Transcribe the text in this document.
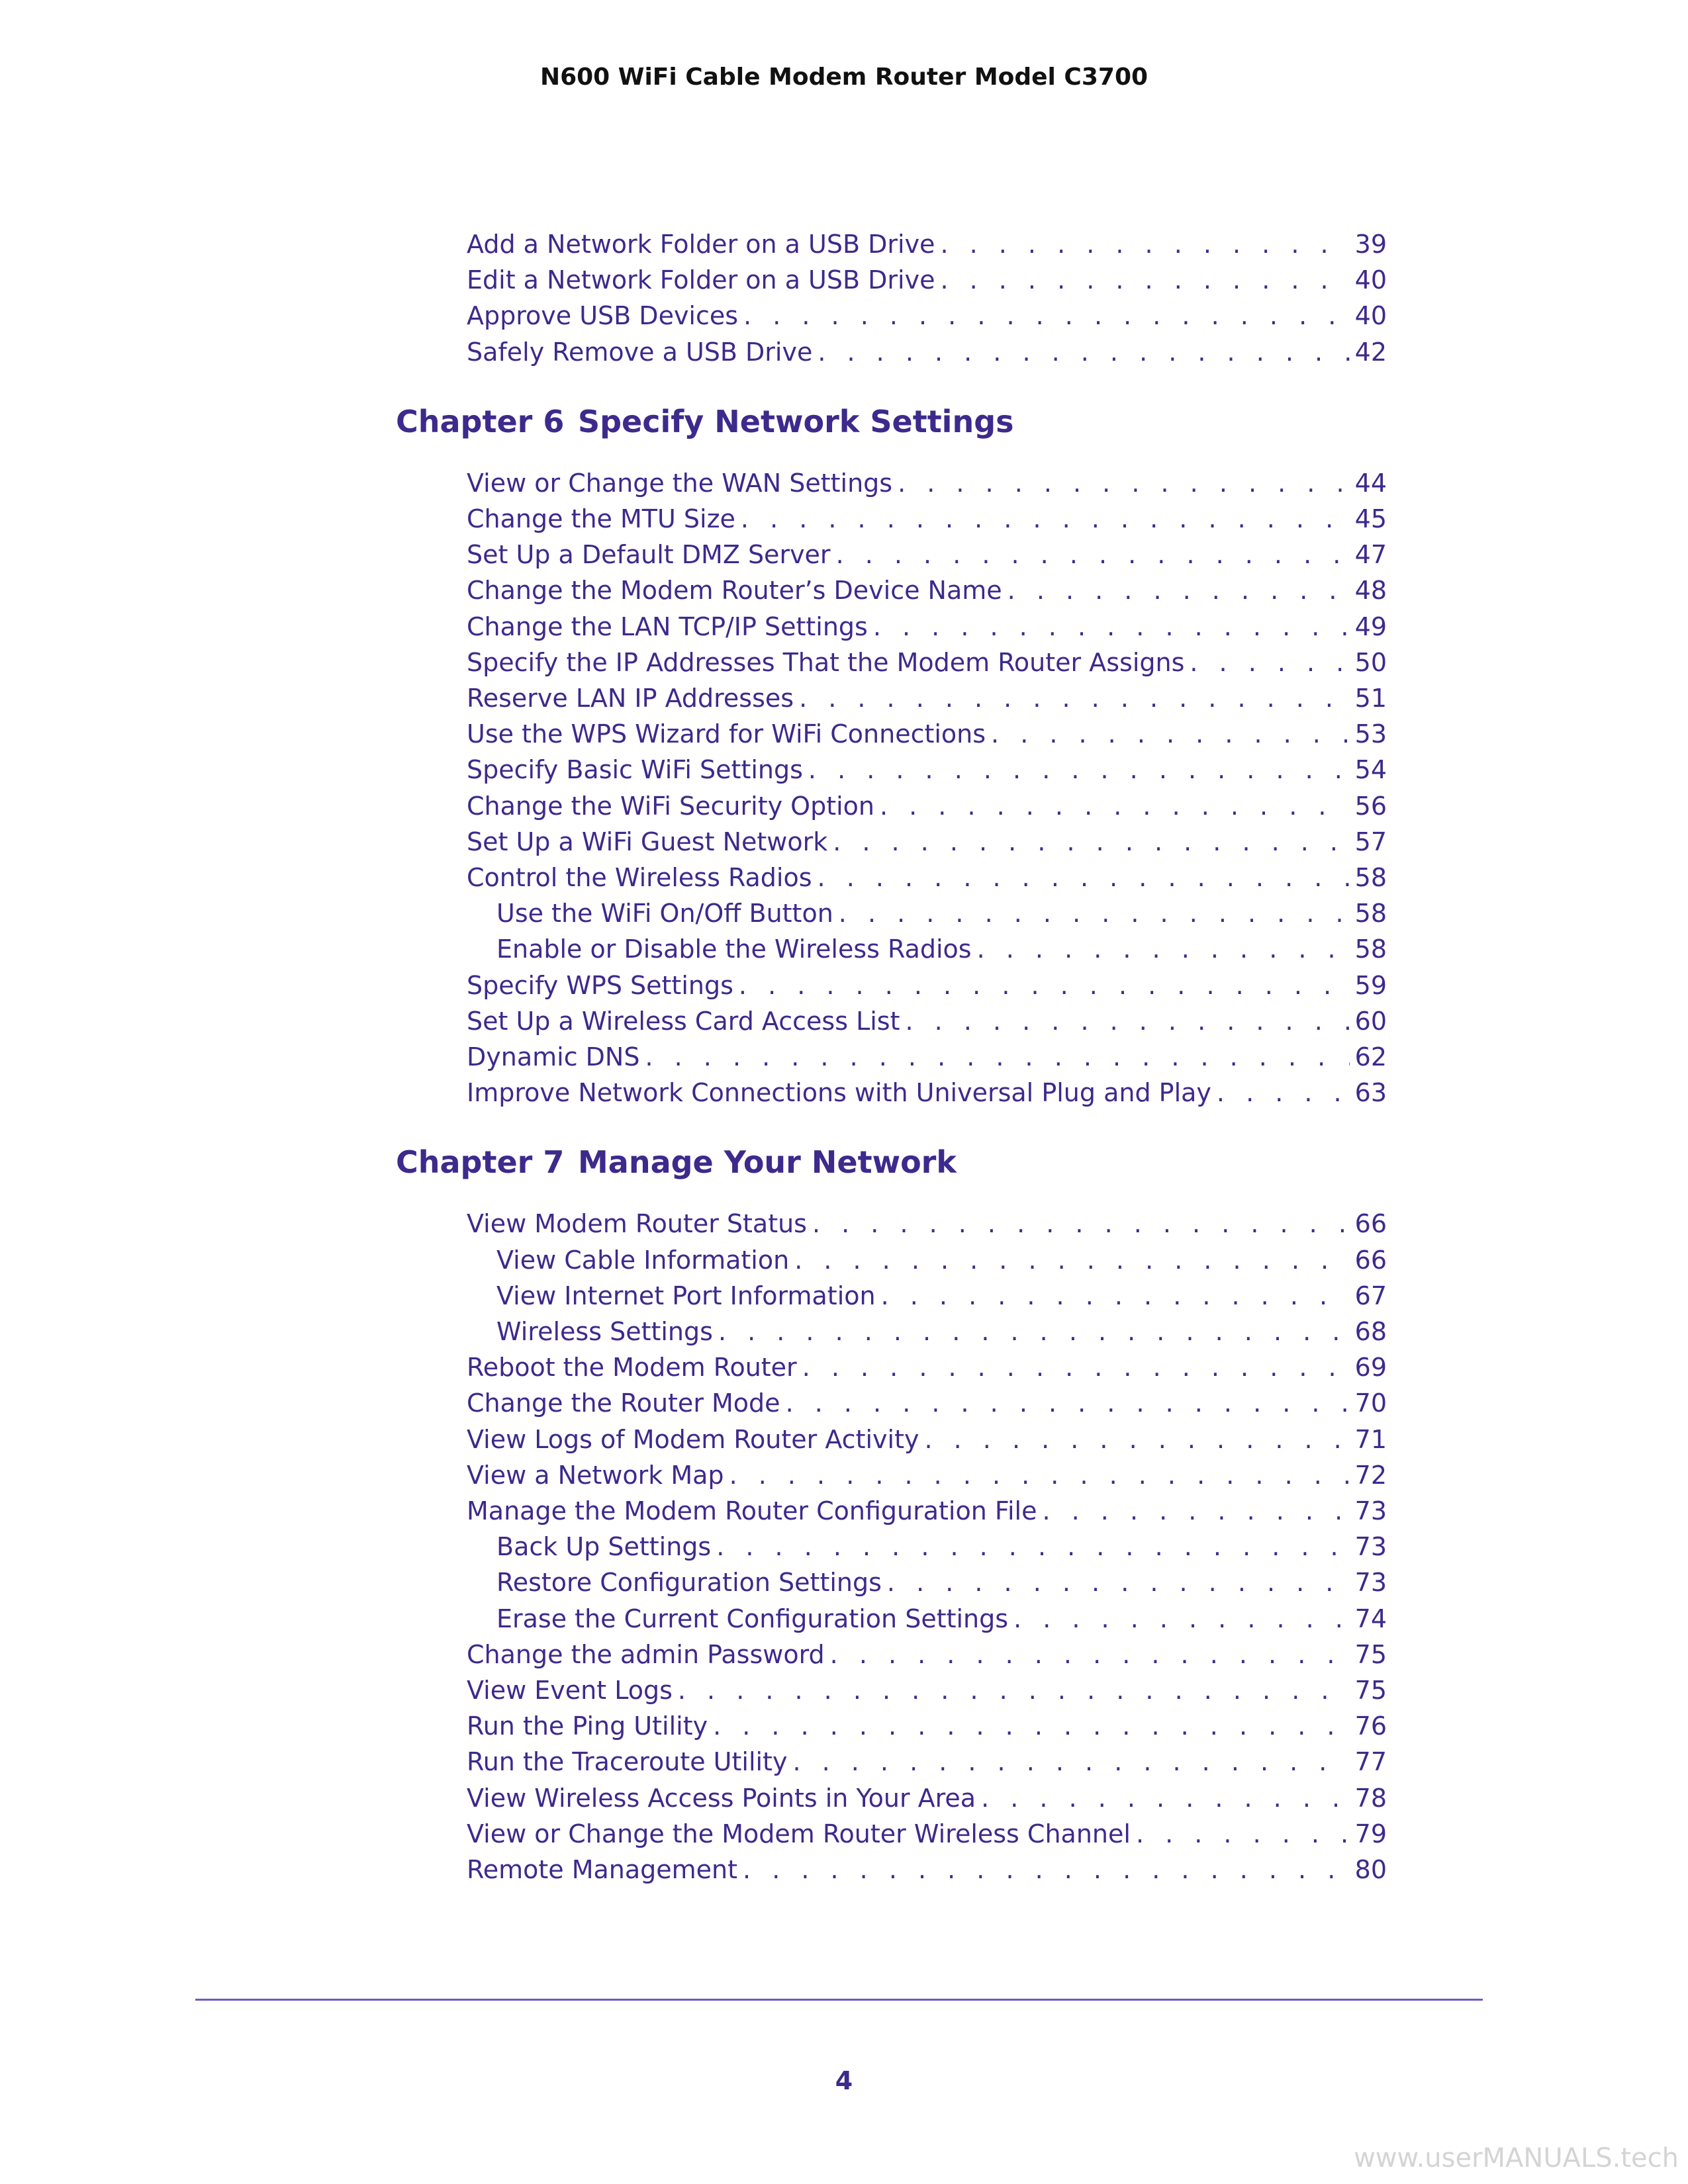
N600 WiFi Cable Modem Router Model C3700
Add a Network Folder on a USB Drive . . .	39
Edit a Network Folder on a USB Drive . . .	40
Approve USB Devices . . .	40
Safely Remove a USB Drive . . .	42
Chapter 6 Specify Network Settings
View or Change the WAN Settings . . .	44
Change the MTU Size . . .	45
Set Up a Default DMZ Server . . .	47
Change the Modem Router’s Device Name . . .	48
Change the LAN TCP/IP Settings . . .	49
Specify the IP Addresses That the Modem Router Assigns . . .	50
Reserve LAN IP Addresses . . .	51
Use the WPS Wizard for WiFi Connections . . .	53
Specify Basic WiFi Settings . . .	54
Change the WiFi Security Option . . .	56
Set Up a WiFi Guest Network . . .	57
Control the Wireless Radios . . .	58
Use the WiFi On/Off Button . . .	58
Enable or Disable the Wireless Radios . . .	58
Specify WPS Settings . . .	59
Set Up a Wireless Card Access List . . .	60
Dynamic DNS . . .	62
Improve Network Connections with Universal Plug and Play . . .	63
Chapter 7 Manage Your Network
View Modem Router Status . . .	66
View Cable Information . . .	66
View Internet Port Information . . .	67
Wireless Settings . . .	68
Reboot the Modem Router . . .	69
Change the Router Mode . . .	70
View Logs of Modem Router Activity . . .	71
View a Network Map . . .	72
Manage the Modem Router Configuration File . . .	73
Back Up Settings . . .	73
Restore Configuration Settings . . .	73
Erase the Current Configuration Settings . . .	74
Change the admin Password . . .	75
View Event Logs . . .	75
Run the Ping Utility . . .	76
Run the Traceroute Utility . . .	77
View Wireless Access Points in Your Area . . .	78
View or Change the Modem Router Wireless Channel . . .	79
Remote Management . . .	80
4
www.userMANUALS.tech
